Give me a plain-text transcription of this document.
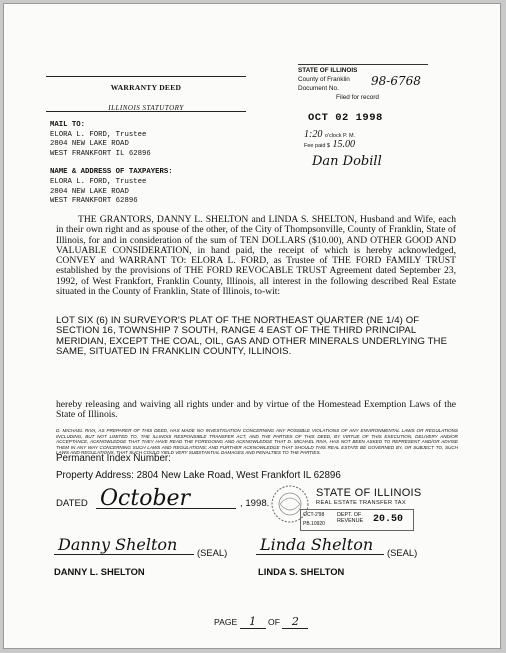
WARRANTY DEED
ILLINOIS STATUTORY
MAIL TO:
ELORA L. FORD, Trustee
2804 NEW LAKE ROAD
WEST FRANKFORT IL 62896
NAME & ADDRESS OF TAXPAYERS:
ELORA L. FORD, Trustee
2804 NEW LAKE ROAD
WEST FRANKFORT 62896
STATE OF ILLINOIS
County of Franklin
Document No.
Filed for record
98-6768
OCT 02 1998
1:20 o'clock P. M.
Fee paid $ 15.00
Dan Dobill
THE GRANTORS, DANNY L. SHELTON and LINDA S. SHELTON, Husband and Wife, each in their own right and as spouse of the other, of the City of Thompsonville, County of Franklin, State of Illinois, for and in consideration of the sum of TEN DOLLARS ($10.00), AND OTHER GOOD AND VALUABLE CONSIDERATION, in hand paid, the receipt of which is hereby acknowledged, CONVEY and WARRANT TO: ELORA L. FORD, as Trustee of THE FORD FAMILY TRUST established by the provisions of THE FORD REVOCABLE TRUST Agreement dated September 23, 1992, of West Frankfort, Franklin County, Illinois, all interest in the following described Real Estate situated in the County of Franklin, State of Illinois, to-wit:
LOT SIX (6) IN SURVEYOR'S PLAT OF THE NORTHEAST QUARTER (NE 1/4) OF SECTION 16, TOWNSHIP 7 SOUTH, RANGE 4 EAST OF THE THIRD PRINCIPAL MERIDIAN, EXCEPT THE COAL, OIL, GAS AND OTHER MINERALS UNDERLYING THE SAME, SITUATED IN FRANKLIN COUNTY, ILLINOIS.
hereby releasing and waiving all rights under and by virtue of the Homestead Exemption Laws of the State of Illinois.
D. MICHAEL RIVA, AS PREPARER OF THIS DEED, HAS MADE NO INVESTIGATION CONCERNING ANY POSSIBLE VIOLATIONS OF ANY ENVIRONMENTAL LAWS OR REGULATIONS INCLUDING, BUT NOT LIMITED TO, THE ILLINOIS RESPONSIBLE TRANSFER ACT, AND THE PARTIES OF THIS DEED, BY VIRTUE OF THIS EXECUTION, DELIVERY AND/OR ACCEPTANCE, ACKNOWLEDGE THAT THEY HAVE READ THE FOREGOING AND ACKNOWLEDGE THAT D. MICHAEL RIVA, HAS NOT BEEN ASKED TO REPRESENT AND/OR ADVISE THEM IN ANY WAY CONCERNING SUCH LAWS AND REGULATIONS; AND FURTHER ACKNOWLEDGE THAT SHOULD THIS REAL ESTATE BE GOVERNED BY, OR SUBJECT TO, SUCH LAWS AND REGULATIONS, THAT SUCH COULD YIELD VERY SUBSTANTIAL DAMAGES AND PENALTIES TO THE PARTIES.
Permanent Index Number:
Property Address: 2804 New Lake Road, West Frankfort IL 62896
DATED October	, 1998.
STATE OF ILLINOIS
REAL ESTATE TRANSFER TAX
OCT-2'98
PB.10920
DEPT. OF REVENUE 20.50
Danny Shelton (SEAL)
DANNY L. SHELTON
Linda Shelton (SEAL)
LINDA S. SHELTON
PAGE 1 OF 2
